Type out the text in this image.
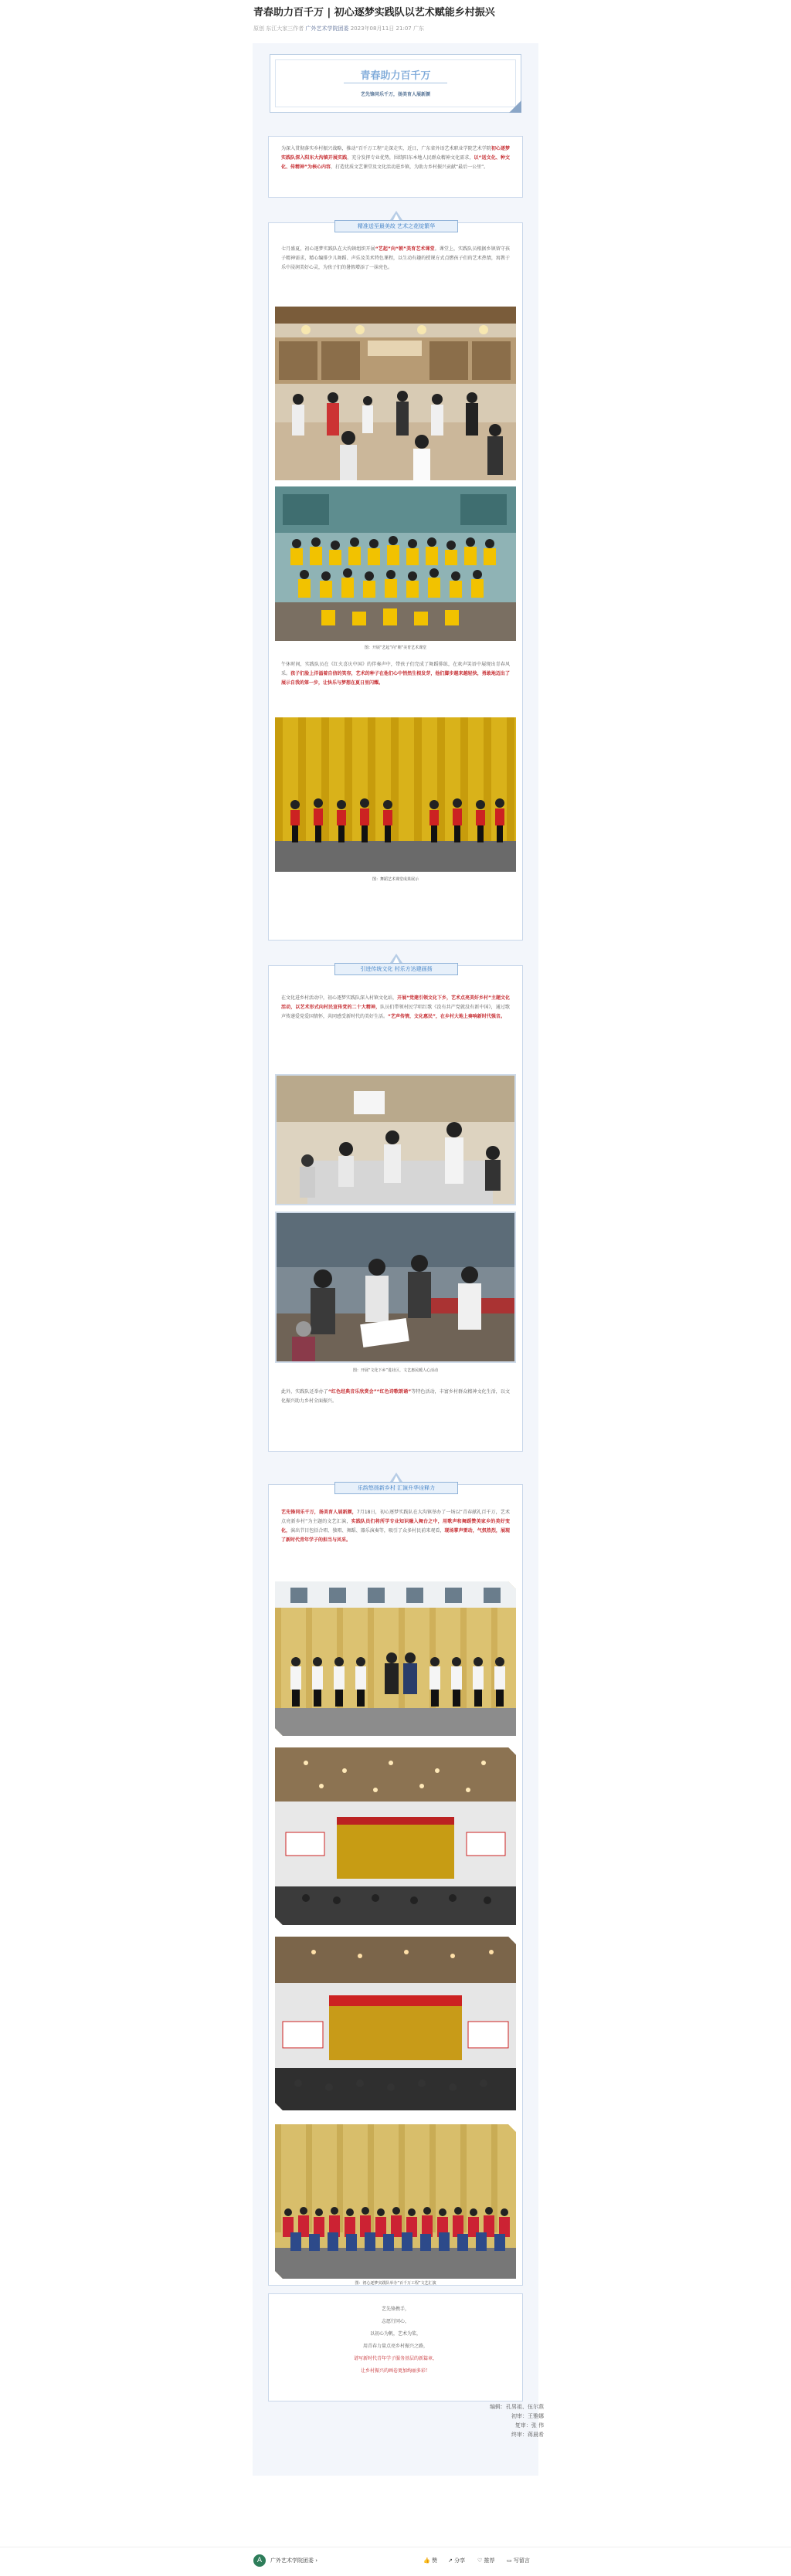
青春助力百千万 | 初心逐梦实践队以艺术赋能乡村振兴
原创 东江大家三作者 广外艺术学院团委 2023年08月11日 21:07 广东
青春助力百千万
艺先锋同乐千万，扬美育人展新颜

为深入贯彻落实乡村振兴战略，推动“百千万工程”走深走实，近日，广东省外语艺术职业学院艺术学院初心逐梦实践队深入阳东大沟镇开展实践，充分发挥专业优势，围绕阳东本地人民群众精神文化需求，以“送文化、种文化、传精神”为核心内容，打造优质文艺课堂及文化活动进乡镇，为助力乡村振兴贡献“最后一公里”。

精准送至最美故 艺术之花绽繁华

七月盛夏，初心逐梦实践队在大沟镇组织开展“艺起”向“朝”美育艺术课堂。课堂上，实践队员根据乡镇留守孩子精神需求，精心编排少儿舞蹈、声乐及美术特色课程，以生动有趣的授课方式点燃孩子们的艺术热情，寓教于乐中浸润美好心灵，为孩子们的暑假增添了一抹亮色。

图：开展“艺起”向“朝”美育艺术课堂

午休时间，实践队员在《红火喜庆中国》的伴奏声中，带孩子们完成了舞蹈排练，在欢声笑语中展现出青春风采。孩子们脸上洋溢着自信的笑容，艺术的种子在他们心中悄然生根发芽，他们脚步越来越轻快，勇敢地迈出了展示自我的第一步，让快乐与梦想在夏日里闪耀。

图：舞蹈艺术课堂成果展示
引进传统文化 村乐方达建画扬

在文化进乡村活动中，初心逐梦实践队深入村镇文化站，开展“党建引领文化下乡，艺术点亮美好乡村”主题文化活动，以艺术形式向村民宣传党的二十大精神，队员们带领村民学唱红歌《没有共产党就没有新中国》，通过歌声传递爱党爱国情怀，共同感受新时代的美好生活。“艺声传情，文化惠民”，在乡村大地上奏响新时代强音。

图：开展“文化下乡”进社区，文艺惠民暖人心活动

此外，实践队还举办了“红色经典音乐欣赏会”“红色诗歌朗诵”等特色活动，丰富乡村群众精神文化生活，以文化振兴助力乡村全面振兴。

乐韵悠扬新乡村 汇演升华诠释力

艺先锋同乐千万，扬美育人展新颜，7月18日，初心逐梦实践队在大沟镇举办了一场以“青春献礼百千万，艺术点亮新乡村”为主题的文艺汇演，实践队员们将所学专业知识融入舞台之中，用歌声和舞蹈赞美家乡的美好变化，演出节目包括合唱、独唱、舞蹈、器乐演奏等，吸引了众多村民前来观看，现场掌声雷动，气氛热烈，展现了新时代青年学子的担当与风采。

图：初心逐梦实践队举办“百千万工程”文艺汇演
艺先锋携手，
志愿行同心，
以初心为帆，艺术为桨，
用青春力量点亮乡村振兴之路，
谱写新时代青年学子服务基层的新篇章，
让乡村振兴的画卷更加绚丽多彩！
编辑：孔男祖、伍尔燕
初审：王雅娜
复审：张 伟
终审：蒋晨希
A	广外艺术学院团委 ›	👍 赞 ↗ 分享 ♡ 推荐 ▭ 写留言
